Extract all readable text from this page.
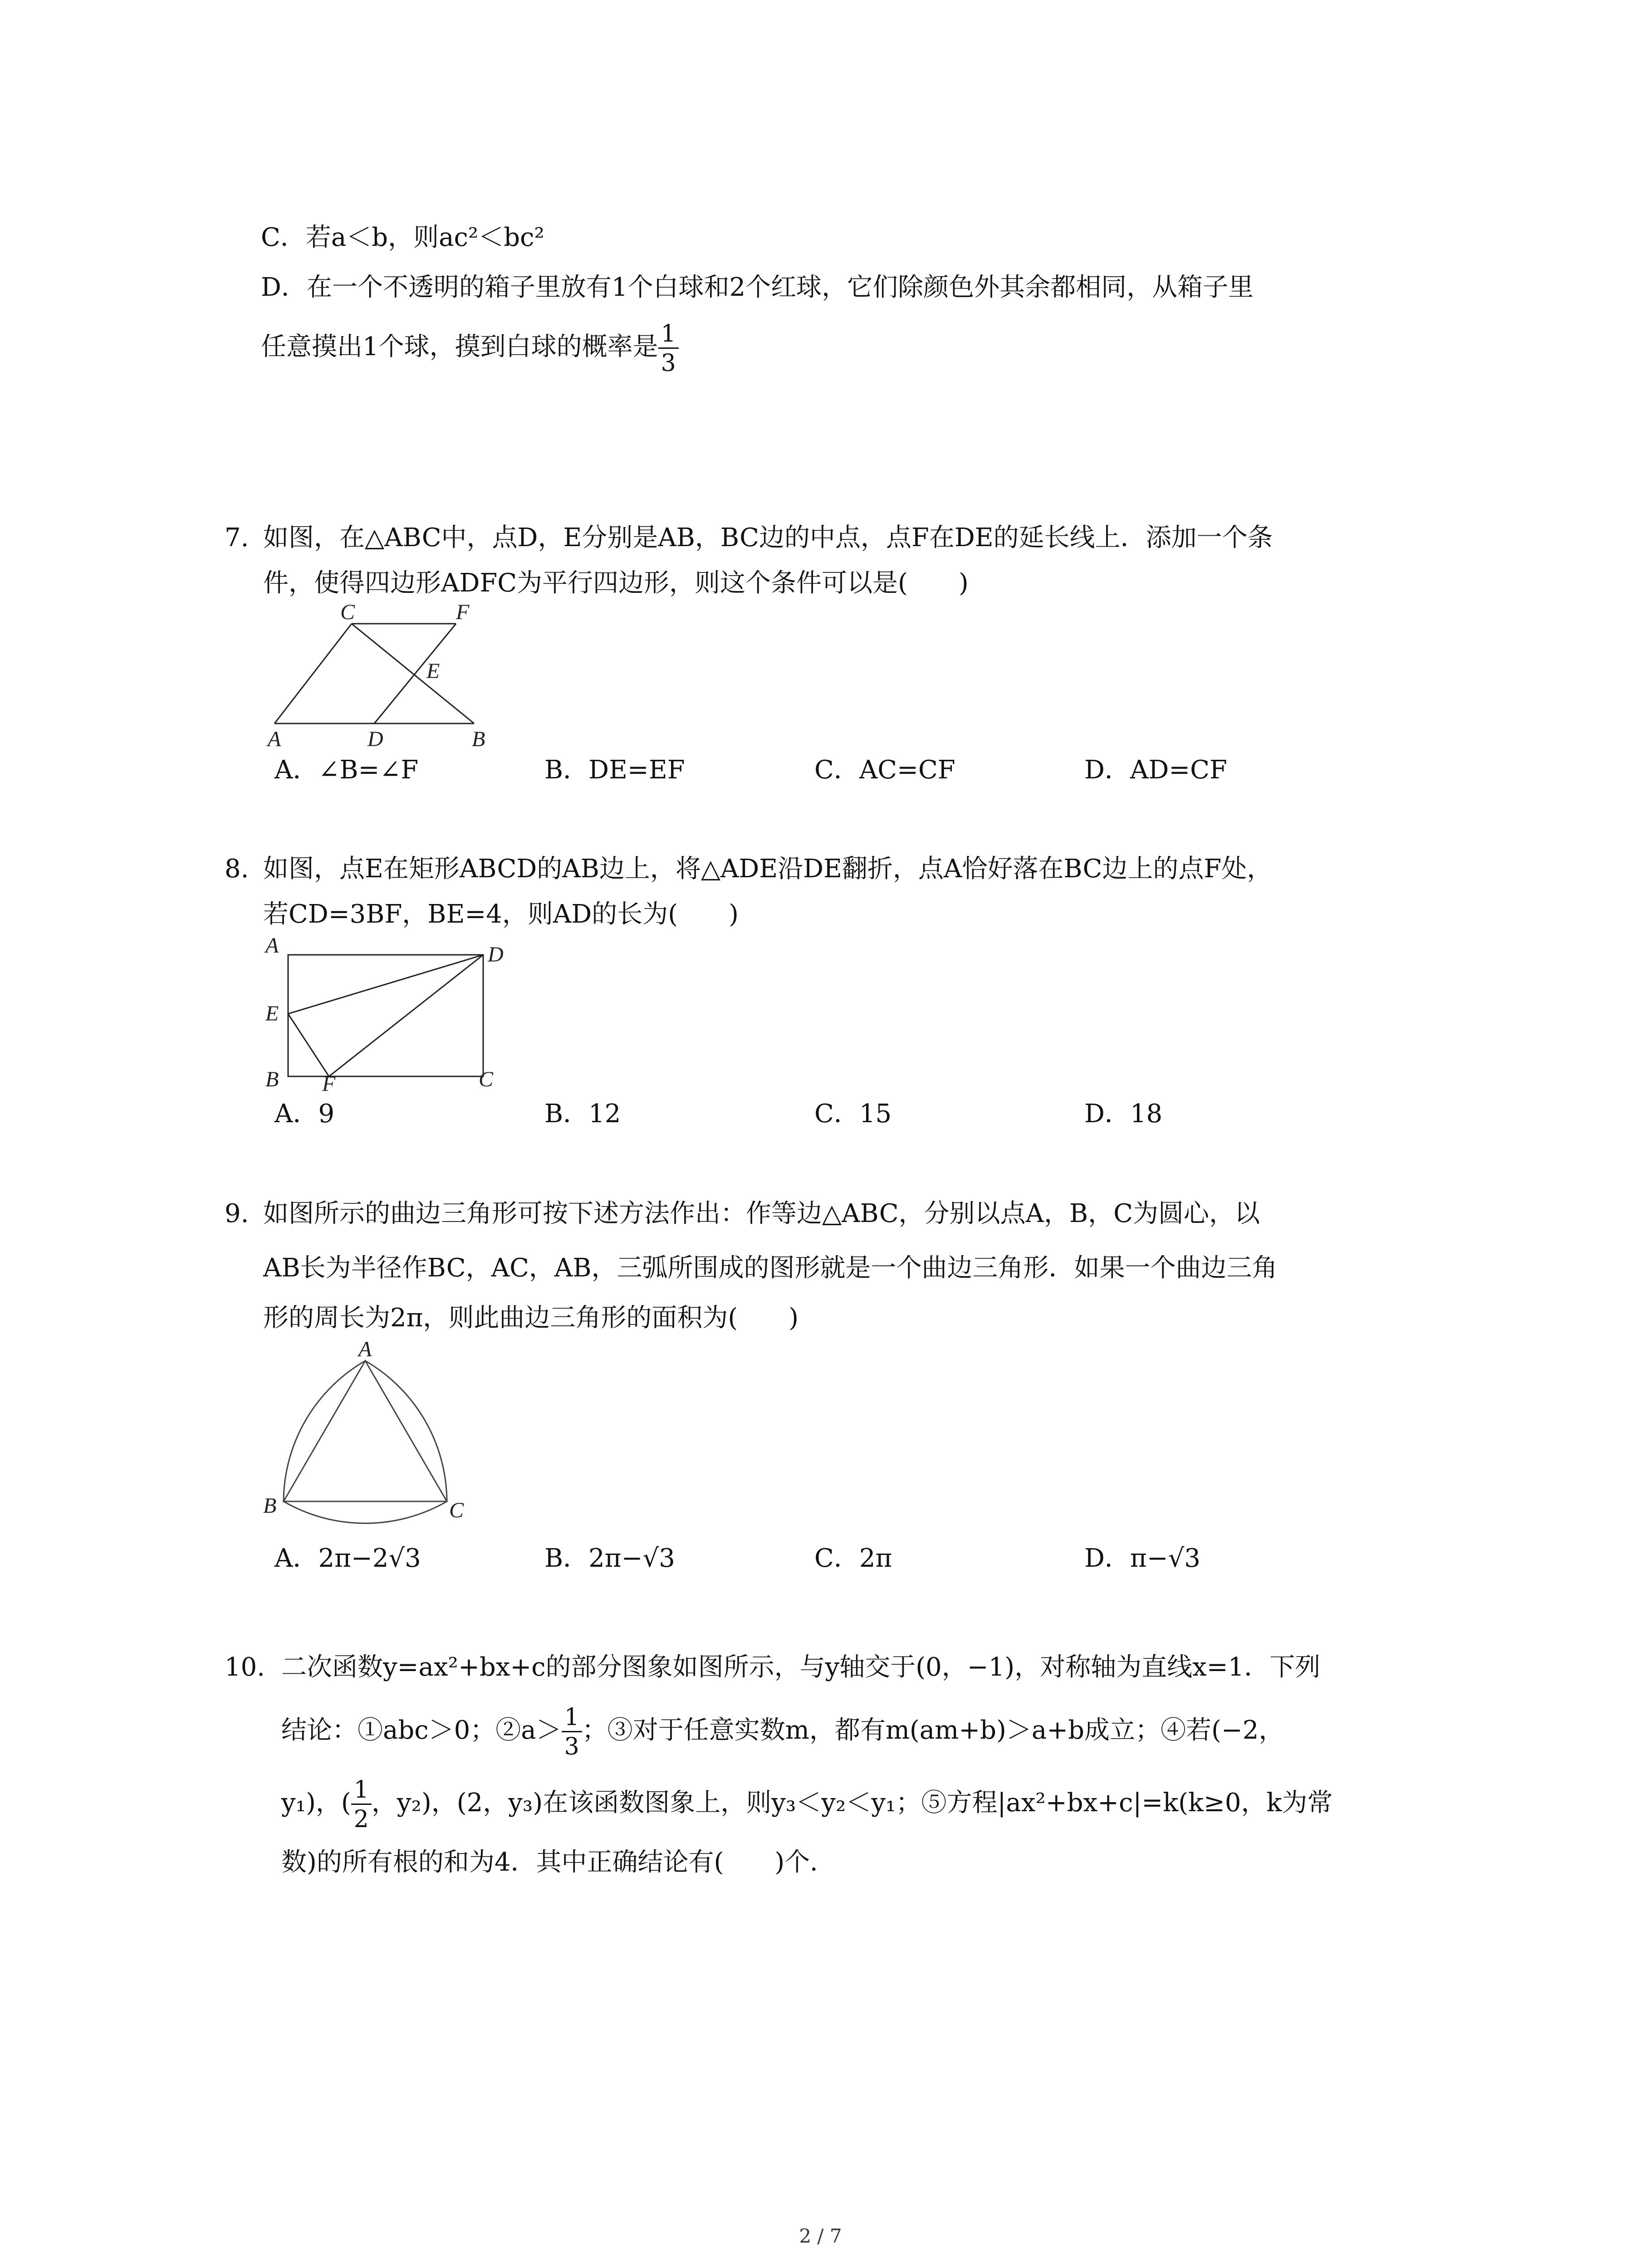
C．若a＜b，则ac²＜bc²
D．在一个不透明的箱子里放有1个白球和2个红球，它们除颜色外其余都相同，从箱子里
任意摸出1个球，摸到白球的概率是 $\frac{1}{3}$
7. 如图，在△ABC中，点D，E分别是AB，BC边的中点，点F在DE的延长线上．添加一个条
件，使得四边形ADFC为平行四边形，则这个条件可以是(　　)
A	D	B
C	F
E
A．∠B=∠F	B．DE=EF	C．AC=CF	D．AD=CF
8. 如图，点E在矩形ABCD的AB边上，将△ADE沿DE翻折，点A恰好落在BC边上的点F处，
若CD=3BF，BE=4，则AD的长为(　　)
A	D
E
B F	C
A．9	B．12	C．15	D．18
9. 如图所示的曲边三角形可按下述方法作出：作等边△ABC，分别以点A，B，C为圆心，以
AB长为半径作BC，AC，AB，三弧所围成的图形就是一个曲边三角形．如果一个曲边三角
形的周长为2π，则此曲边三角形的面积为(　　)
A
B	C
A．2π−2√3	B．2π−√3	C．2π	D．π−√3
10. 二次函数y=ax²+bx+c的部分图象如图所示，与y轴交于(0，−1)，对称轴为直线x=1．下列
结论：①abc＞0；②a＞ $\frac{1}{3}$ ；③对于任意实数m，都有m(am+b)＞a+b成立；④若(−2，
y₁)，( $\frac{1}{2}$ ，y₂)，(2，y₃)在该函数图象上，则y₃＜y₂＜y₁；⑤方程|ax²+bx+c|=k(k≥0，k为常
数)的所有根的和为4．其中正确结论有(　　)个．
2 / 7
